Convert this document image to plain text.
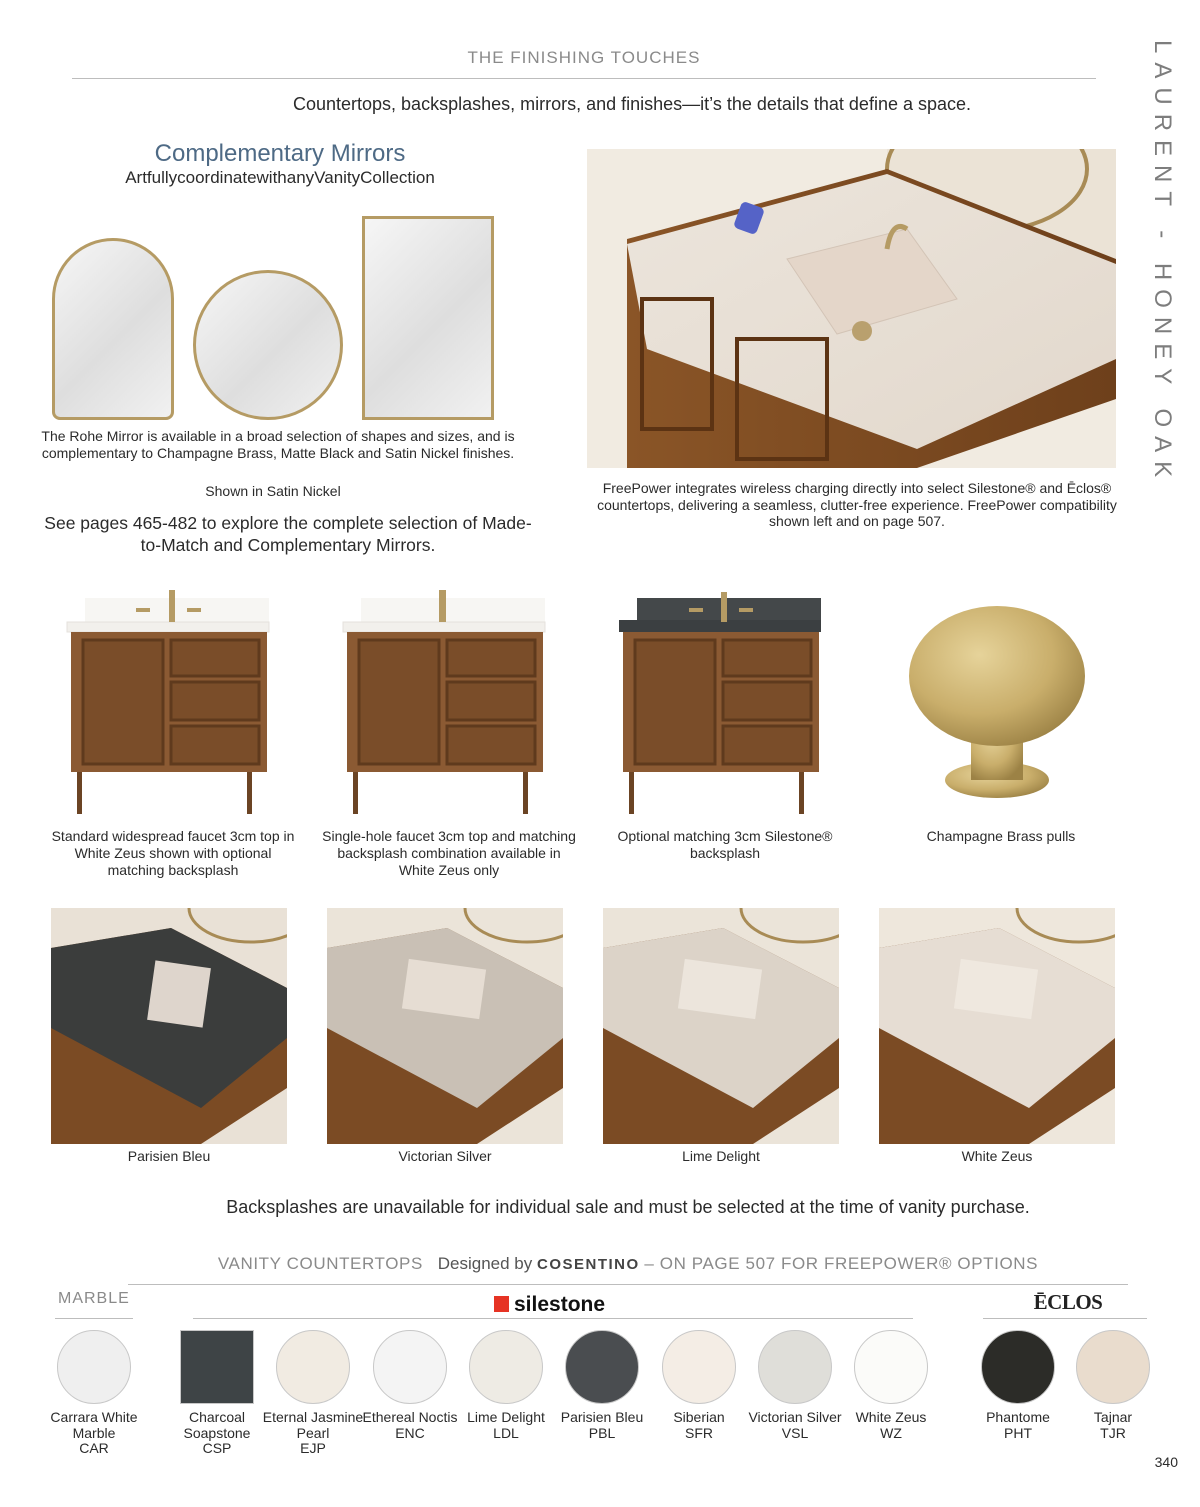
THE FINISHING TOUCHES
Countertops, backsplashes, mirrors, and finishes—it’s the details that define a space.	LAURENT - HONEY OAK
Complementary Mirrors
ArtfullycoordinatewithanyVanityCollection
The Rohe Mirror is available in a broad selection of shapes and sizes, and is complementary to Champagne Brass, Matte Black and Satin Nickel finishes.
Shown in Satin Nickel
See pages 465-482 to explore the complete selection of Made-to-Match and Complementary Mirrors.
FreePower integrates wireless charging directly into select Silestone® and Ēclos® countertops, delivering a seamless, clutter-free experience. FreePower compatibility shown left and on page 507.
Standard widespread faucet 3cm top in White Zeus shown with optional matching backsplash
Single-hole faucet 3cm top and matching backsplash combination available in White Zeus only
Optional matching 3cm Silestone® backsplash
Champagne Brass pulls
Parisien Bleu	Victorian Silver	Lime Delight	White Zeus
Backsplashes are unavailable for individual sale and must be selected at the time of vanity purchase.
VANITY COUNTERTOPS Designed by COSENTINO – ON PAGE 507 FOR FREEPOWER® OPTIONS
MARBLE	silestone	ĒCLOS
Carrara White Marble
CAR
Charcoal Soapstone
CSP
Eternal Jasmine Pearl
EJP
Ethereal Noctis
ENC
Lime Delight
LDL
Parisien Bleu
PBL
Siberian
SFR
Victorian Silver
VSL
White Zeus
WZ
Phantome
PHT
Tajnar
TJR
340
